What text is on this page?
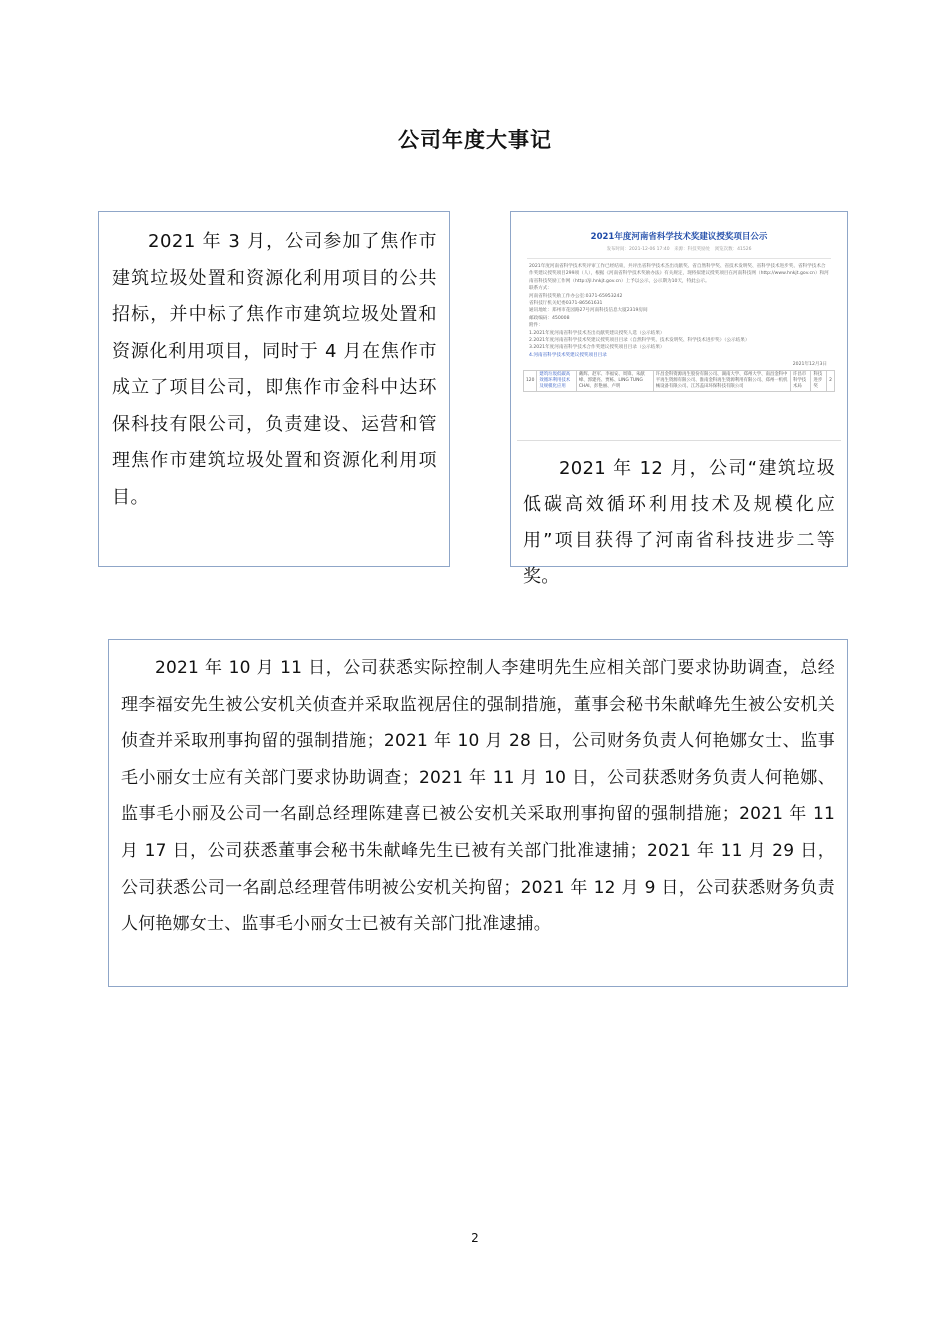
公司年度大事记

2021 年 3 月，公司参加了焦作市建筑垃圾处置和资源化利用项目的公共招标，并中标了焦作市建筑垃圾处置和资源化利用项目，同时于 4 月在焦作市成立了项目公司，即焦作市金科中达环保科技有限公司，负责建设、运营和管理焦作市建筑垃圾处置和资源化利用项目。

2021年度河南省科学技术奖建议授奖项目公示
发布时间：2021-12-06 17:40　来源：科技奖励处　浏览次数：41526
2021年度河南省科学技术奖评审工作已经结束，共评出省科学技术杰出贡献奖、省自然科学奖、省技术发明奖、省科学技术进步奖、省科学技术合作奖建议授奖项目299项（人），根据《河南省科学技术奖励办法》有关规定，现将拟建议授奖项目在河南科技网（http://www.hnkjt.gov.cn）和河南省科技奖励工作网（http://jl.hnkjt.gov.cn）上予以公示，公示期为10天，特此公示。
联系方式：
河南省科技奖励工作办公室:0371-65953242
省科技厅机关纪委0371-86561631
通讯地址：郑州市花园路27号河南科技信息大厦2319房间
邮政编码：450008
附件：
1.2021年度河南省科学技术杰出贡献奖建议授奖人选（公示结果）
2.2021年度河南省科学技术奖建议授奖项目目录（自然科学奖、技术发明奖、科学技术进步奖）（公示结果）
3.2021年度河南省科学技术合作奖建议授奖项目目录（公示结果）
4.河南省科学技术奖建议授奖项目目录
2021年12月3日
120	建筑垃圾低碳高效循环利用技术及规模化应用	戴辉、赵军、李福安、周锋、朱献峰、郭建亮、贾栋、LING TUNG CHAI、彭艳丽、卢明	许昌金科资源再生股份有限公司、湖南大学、郑州大学、南昌金科中平再生资源有限公司、淮南金科再生资源利用有限公司、郑州一机机械设备有限公司、江苏盖田环保科技有限公司	许昌市科学技术局	科技进步奖	2

2021 年 12 月，公司“建筑垃圾低碳高效循环利用技术及规模化应用”项目获得了河南省科技进步二等奖。

2021 年 10 月 11 日，公司获悉实际控制人李建明先生应相关部门要求协助调查，总经理李福安先生被公安机关侦查并采取监视居住的强制措施，董事会秘书朱献峰先生被公安机关侦查并采取刑事拘留的强制措施；2021 年 10 月 28 日，公司财务负责人何艳娜女士、监事毛小丽女士应有关部门要求协助调查；2021 年 11 月 10 日，公司获悉财务负责人何艳娜、监事毛小丽及公司一名副总经理陈建喜已被公安机关采取刑事拘留的强制措施；2021 年 11 月 17 日，公司获悉董事会秘书朱献峰先生已被有关部门批准逮捕；2021 年 11 月 29 日，公司获悉公司一名副总经理菅伟明被公安机关拘留；2021 年 12 月 9 日，公司获悉财务负责人何艳娜女士、监事毛小丽女士已被有关部门批准逮捕。

2
